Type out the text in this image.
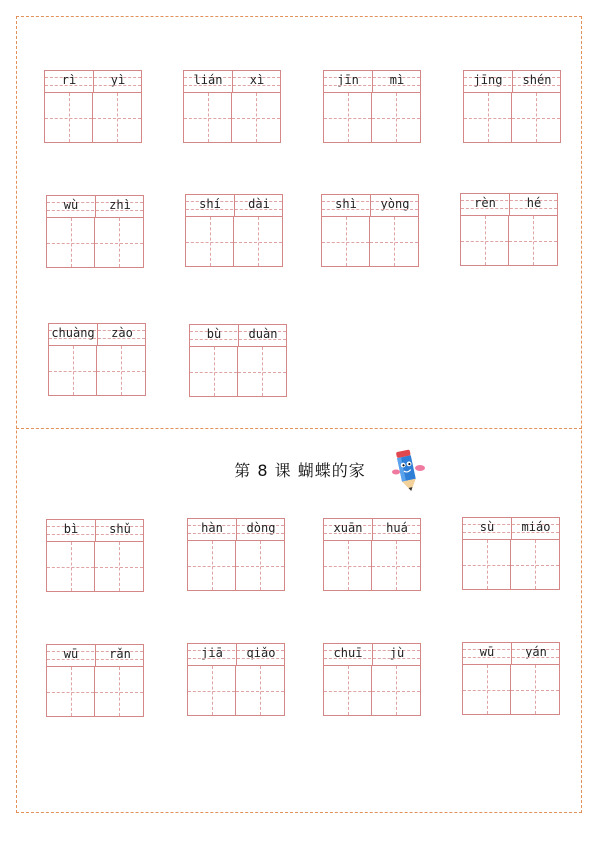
rì	yì	lián	xì	jīn	mì	jīng	shén
wù	zhì	shí	dài	shì	yòng	rèn	hé
chuàng	zào	bù	duàn
第 8 课 蝴蝶的家
bì	shǔ	hàn	dòng	xuān	huá	sù	miáo
wū	rǎn	jiā	qiǎo	chuī	jù	wū	yán
